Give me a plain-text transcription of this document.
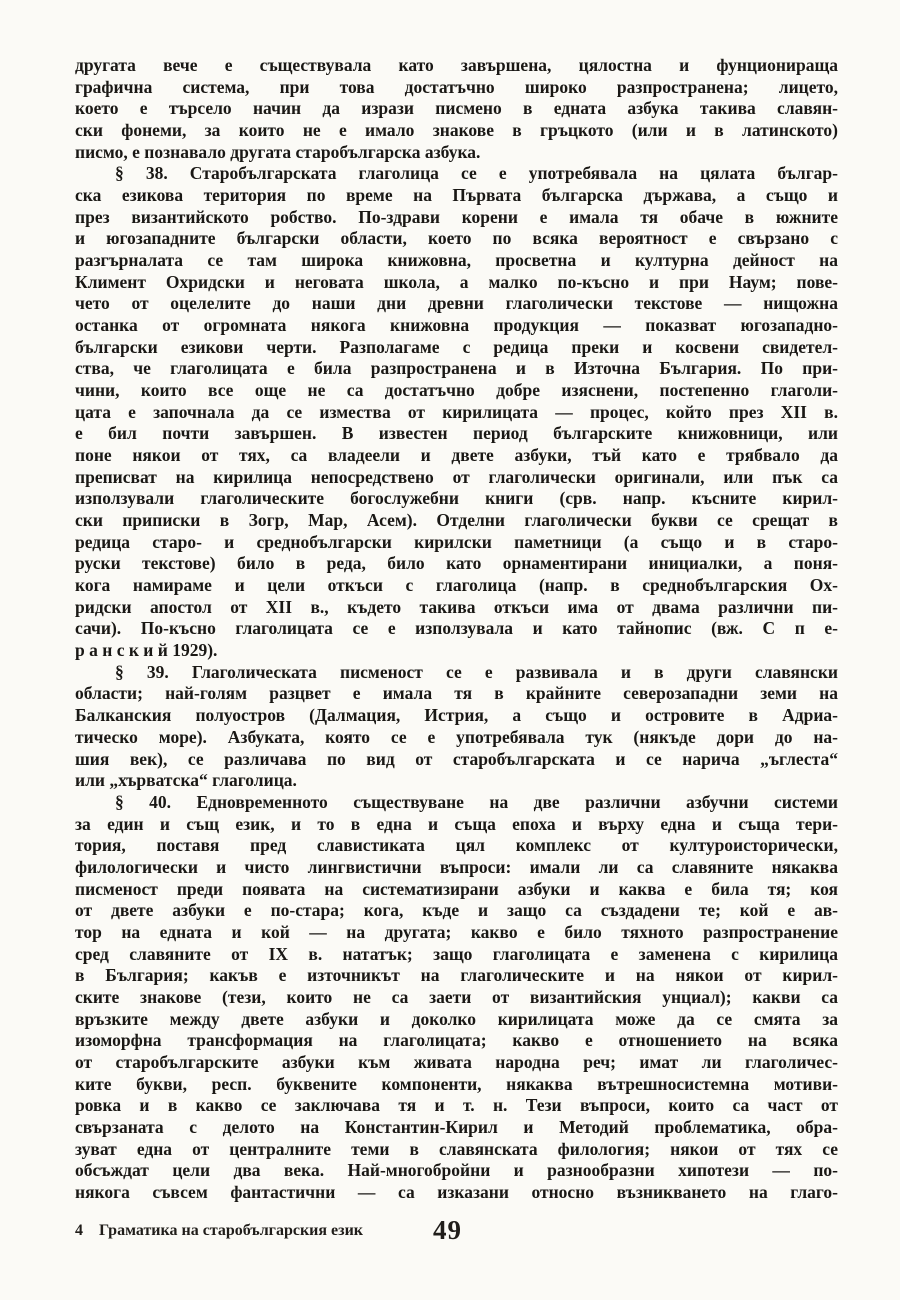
другата вече е съществувала като завършена, цялостна и фунционираща
графична система, при това достатъчно широко разпространена; лицето,
което е търсело начин да изрази писмено в едната азбука такива славян-
ски фонеми, за които не е имало знакове в гръцкото (или и в латинското)
писмо, е познавало другата старобългарска азбука.
§ 38. Старобългарската глаголица се е употребявала на цялата българ-
ска езикова територия по време на Първата българска държава, а също и
през византийското робство. По-здрави корени е имала тя обаче в южните
и югозападните български области, което по всяка вероятност е свързано с
разгърналата се там широка книжовна, просветна и културна дейност на
Климент Охридски и неговата школа, а малко по-късно и при Наум; пове-
чето от оцелелите до наши дни древни глаголически текстове — нищожна
останка от огромната някога книжовна продукция — показват югозападно-
български езикови черти. Разполагаме с редица преки и косвени свидетел-
ства, че глаголицата е била разпространена и в Източна България. По при-
чини, които все още не са достатъчно добре изяснени, постепенно глаголи-
цата е започнала да се измества от кирилицата — процес, който през XII в.
е бил почти завършен. В известен период българските книжовници, или
поне някои от тях, са владеели и двете азбуки, тъй като е трябвало да
преписват на кирилица непосредствено от глаголически оригинали, или пък са
използували глаголическите богослужебни книги (срв. напр. късните кирил-
ски приписки в Зогр, Мар, Асем). Отделни глаголически букви се срещат в
редица старо- и среднобългарски кирилски паметници (а също и в старо-
руски текстове) било в реда, било като орнаментирани инициалки, а поня-
кога намираме и цели откъси с глаголица (напр. в среднобългарския Ох-
ридски апостол от XII в., където такива откъси има от двама различни пи-
сачи). По-късно глаголицата се е използувала и като тайнопис (вж. С п е-
р а н с к и й 1929).
§ 39. Глаголическата писменост се е развивала и в други славянски
области; най-голям разцвет е имала тя в крайните северозападни земи на
Балканския полуостров (Далмация, Истрия, а също и островите в Адриа-
тическо море). Азбуката, която се е употребявала тук (някъде дори до на-
шия век), се различава по вид от старобългарската и се нарича „ъглеста“
или „хърватска“ глаголица.
§ 40. Едновременното съществуване на две различни азбучни системи
за един и същ език, и то в една и съща епоха и върху една и съща тери-
тория, поставя пред славистиката цял комплекс от културоисторически,
филологически и чисто лингвистични въпроси: имали ли са славяните някаква
писменост преди появата на систематизирани азбуки и каква е била тя; коя
от двете азбуки е по-стара; кога, къде и защо са създадени те; кой е ав-
тор на едната и кой — на другата; какво е било тяхното разпространение
сред славяните от IX в. нататък; защо глаголицата е заменена с кирилица
в България; какъв е източникът на глаголическите и на някои от кирил-
ските знакове (тези, които не са заети от византийския унциал); какви са
връзките между двете азбуки и доколко кирилицата може да се смята за
изоморфна трансформация на глаголицата; какво е отношението на всяка
от старобългарските азбуки към живата народна реч; имат ли глаголичес-
ките букви, респ. буквените компоненти, някаква вътрешносистемна мотиви-
ровка и в какво се заключава тя и т. н. Тези въпроси, които са част от
свързаната с делото на Константин-Кирил и Методий проблематика, обра-
зуват една от централните теми в славянската филология; някои от тях се
обсъждат цели два века. Най-многобройни и разнообразни хипотези — по-
някога съвсем фантастични — са изказани относно възникването на глаго-
4 Граматика на старобългарския език	49
